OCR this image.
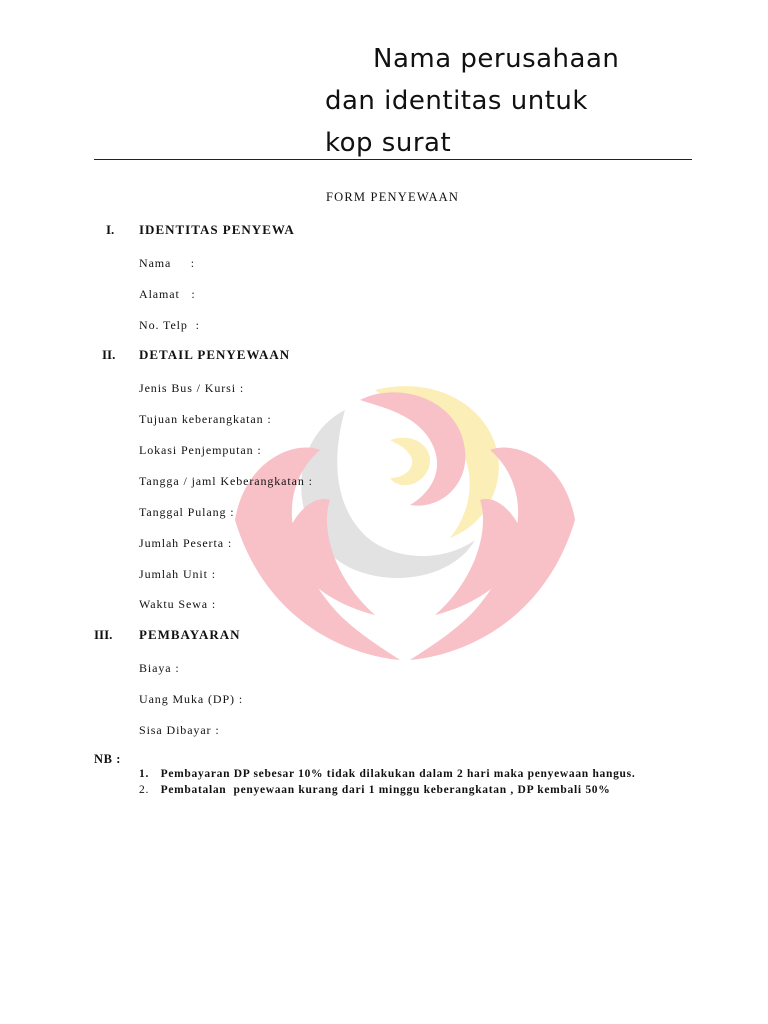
Nama perusahaan
dan identitas untuk
kop surat
FORM PENYEWAAN
I. IDENTITAS PENYEWA
Nama     :
Alamat   :
No. Telp  :
II. DETAIL PENYEWAAN
Jenis Bus / Kursi :
Tujuan keberangkatan :
Lokasi Penjemputan :
Tangga / jaml Keberangkatan :
Tanggal Pulang :
Jumlah Peserta :
Jumlah Unit :
Waktu Sewa :
III. PEMBAYARAN
Biaya :
Uang Muka (DP) :
Sisa Dibayar :
NB :
1. Pembayaran DP sebesar 10% tidak dilakukan dalam 2 hari maka penyewaan hangus.
2. Pembatalan  penyewaan kurang dari 1 minggu keberangkatan , DP kembali 50%
